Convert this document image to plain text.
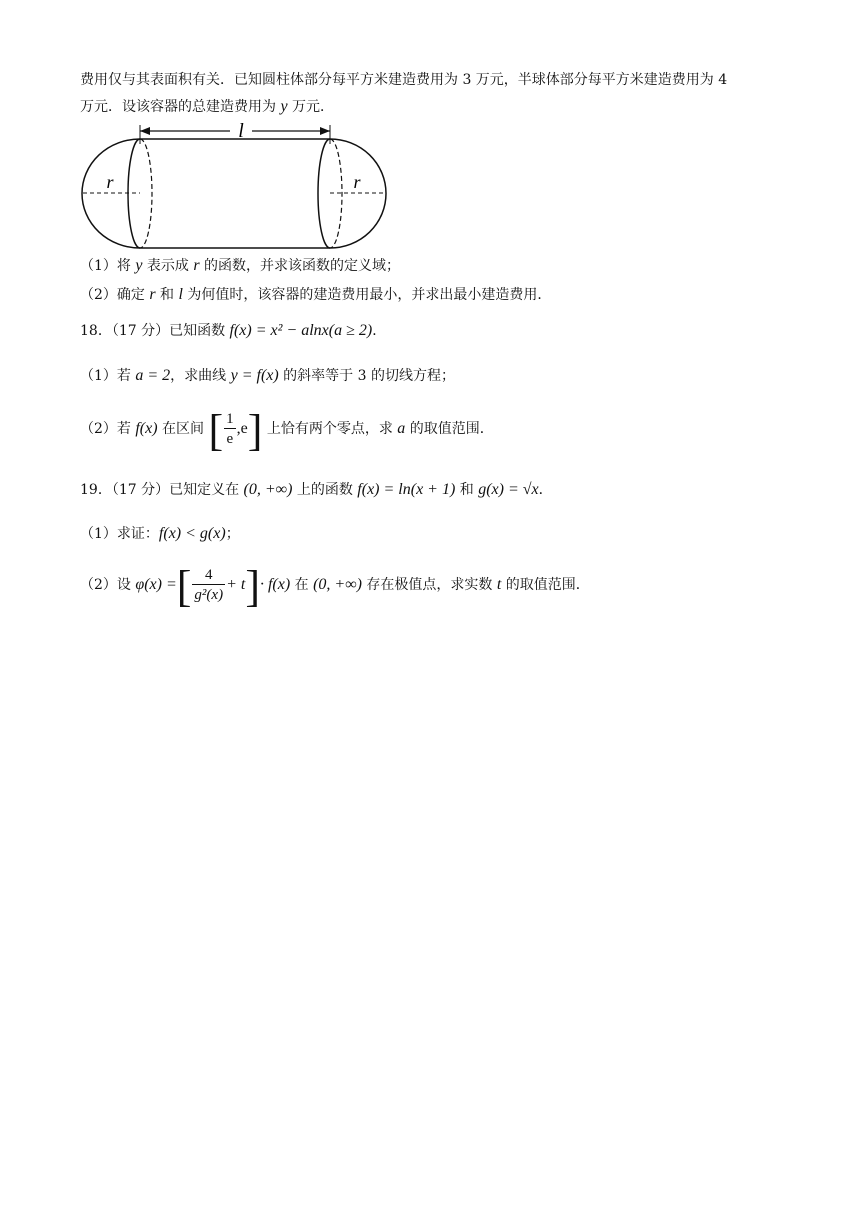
费用仅与其表面积有关．已知圆柱体部分每平方米建造费用为 3 万元，半球体部分每平方米建造费用为 4
万元．设该容器的总建造费用为 y 万元．
l
r	r
（1）将 y 表示成 r 的函数，并求该函数的定义域；
（2）确定 r 和 l 为何值时，该容器的建造费用最小，并求出最小建造费用．
18．（17 分）已知函数 f(x) = x² − alnx(a ≥ 2)．
（1）若 a = 2，求曲线 y = f(x) 的斜率等于 3 的切线方程；
（2）若 f(x) 在区间 [ $\frac{1}{e} ,e$] 上恰有两个零点，求 a 的取值范围．
19．（17 分）已知定义在 (0, +∞) 上的函数 f(x) = ln(x + 1) 和 g(x) = √x．
（1）求证：f(x) < g(x)；
（2）设 φ(x) =[ $\frac{4}{\text{g²(x)}} + t]\cdot f(x)$ 在 (0, +∞) 存在极值点，求实数 t 的取值范围．
